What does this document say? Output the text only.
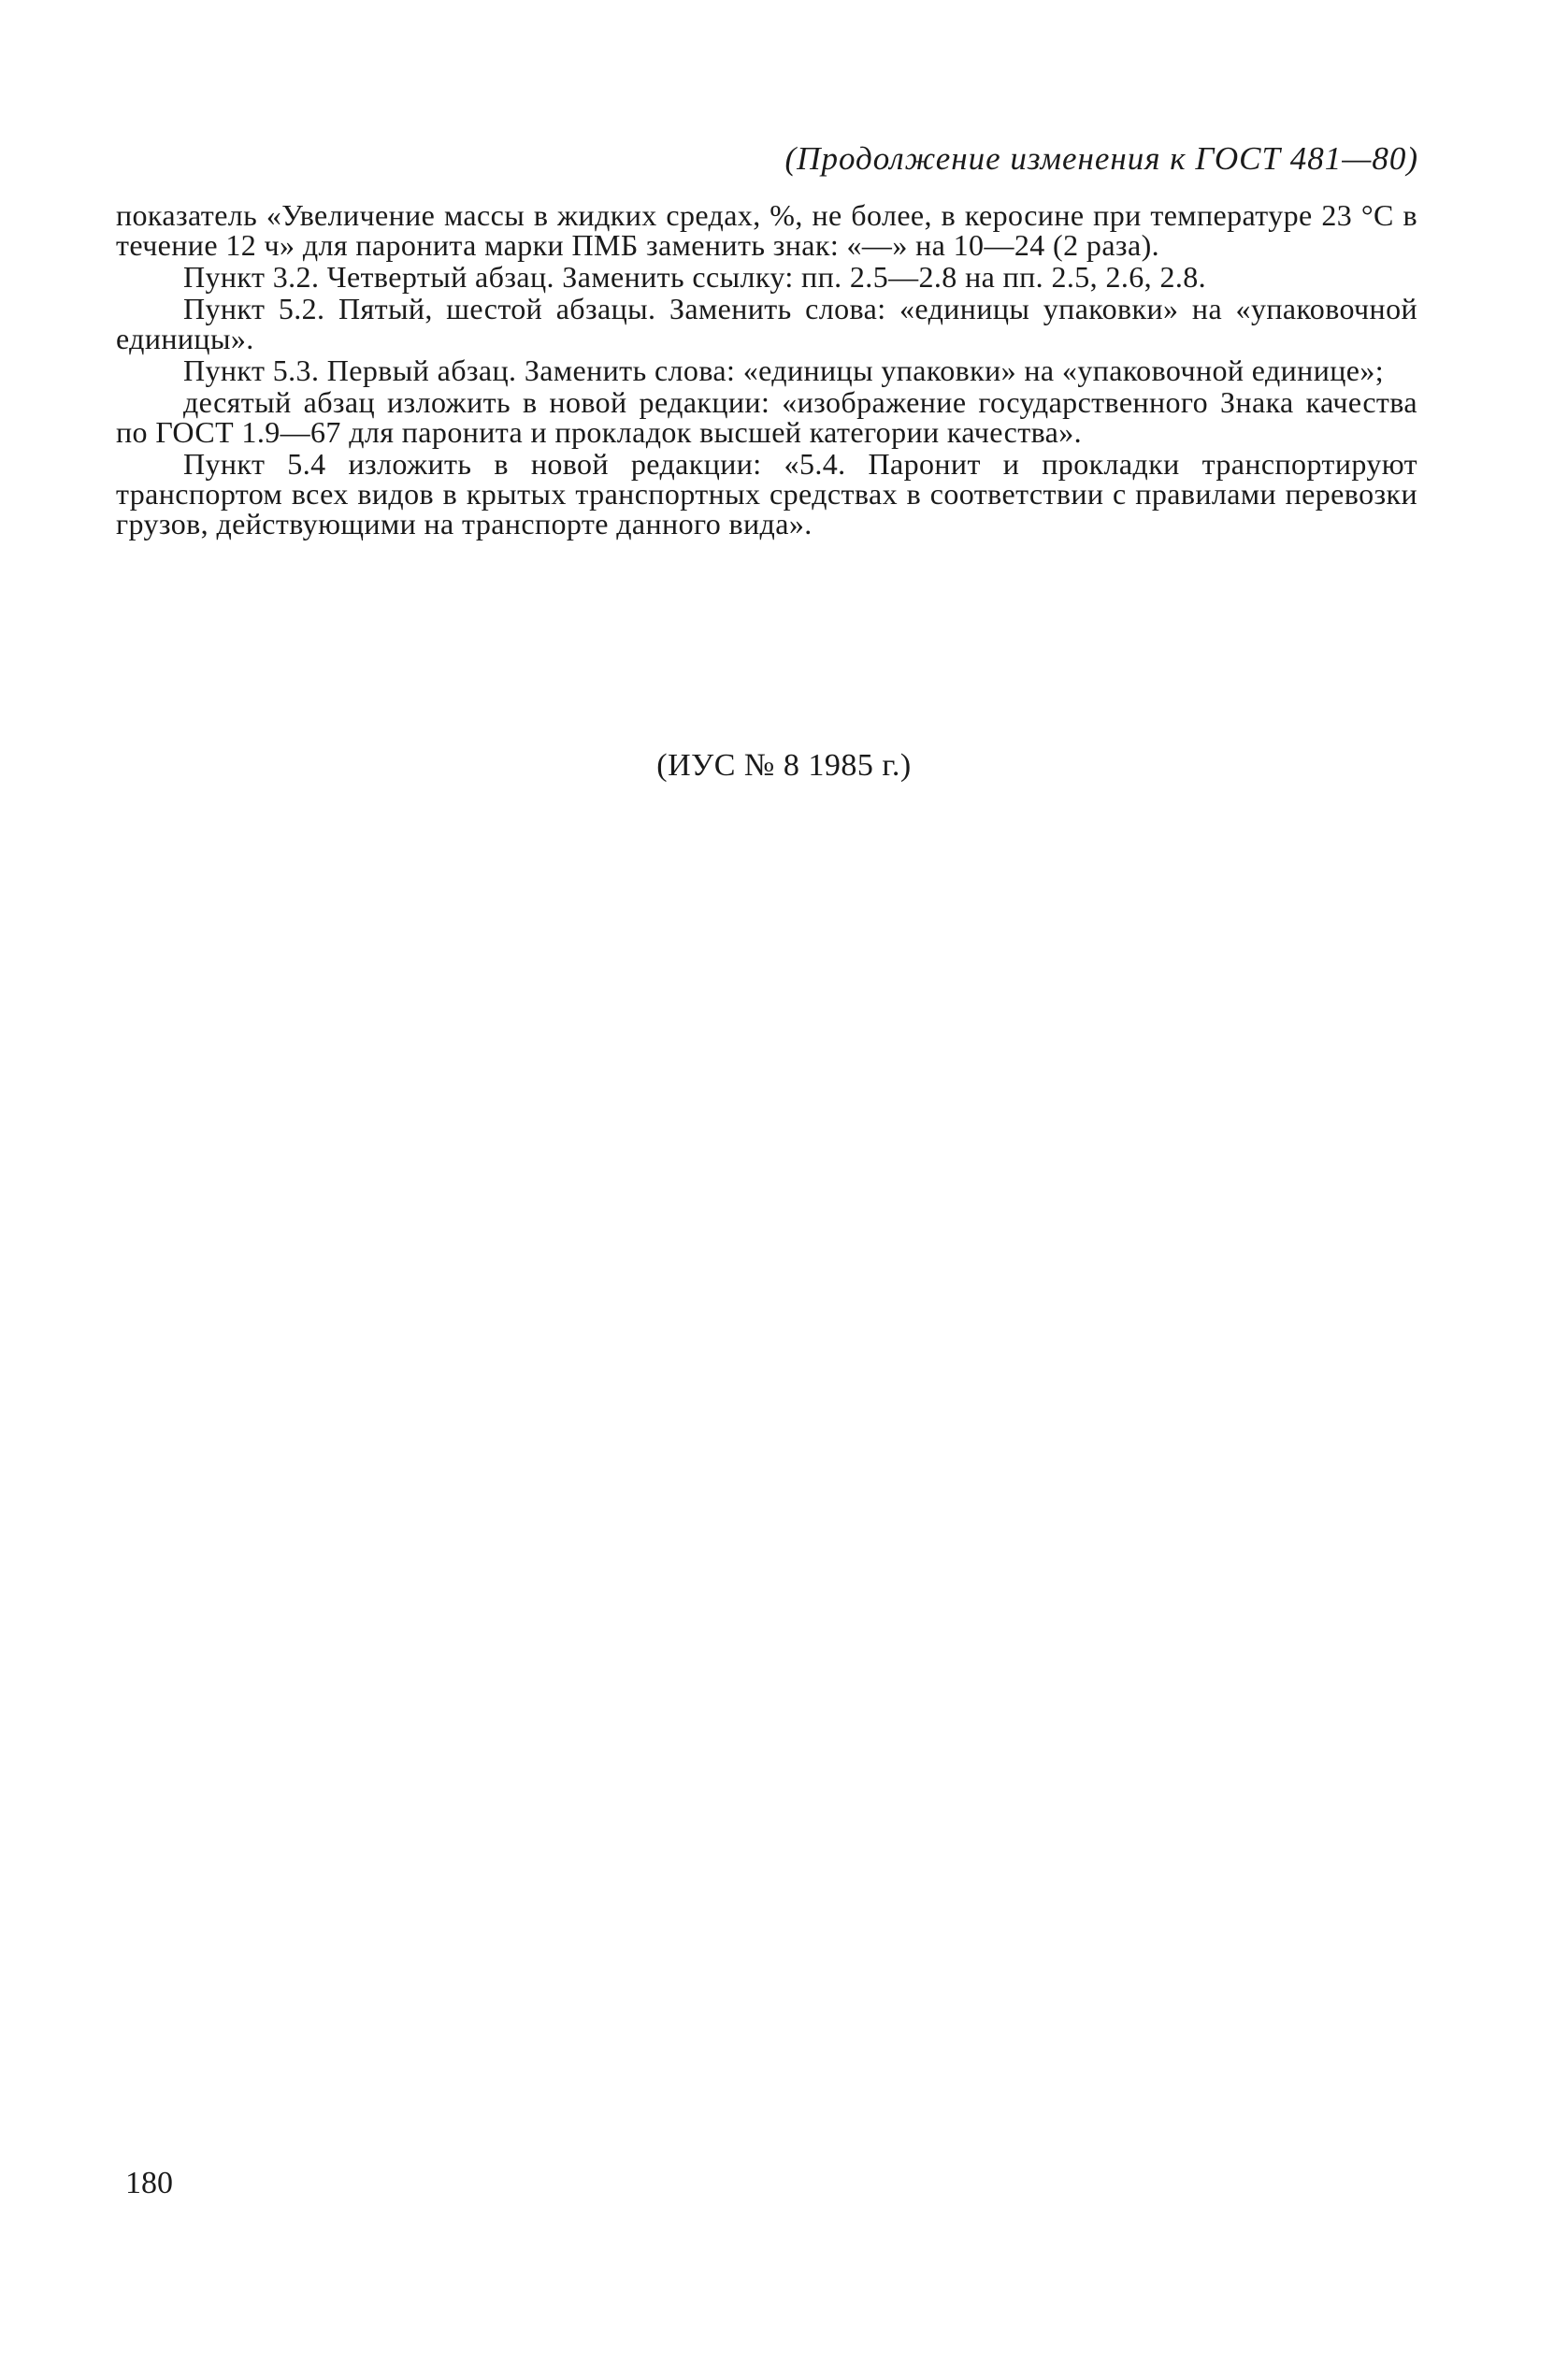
(Продолжение изменения к ГОСТ 481—80)

показатель «Увеличение массы в жидких средах, %, не более, в керосине при температуре 23 °С в течение 12 ч» для паронита марки ПМБ заменить знак: «—» на 10—24 (2 раза).

Пункт 3.2. Четвертый абзац. Заменить ссылку: пп. 2.5—2.8 на пп. 2.5, 2.6, 2.8.

Пункт 5.2. Пятый, шестой абзацы. Заменить слова: «единицы упаковки» на «упаковочной единицы».

Пункт 5.3. Первый абзац. Заменить слова: «единицы упаковки» на «упаковочной единице»;

десятый абзац изложить в новой редакции: «изображение государственного Знака качества по ГОСТ 1.9—67 для паронита и прокладок высшей категории качества».

Пункт 5.4 изложить в новой редакции: «5.4. Паронит и прокладки транспортируют транспортом всех видов в крытых транспортных средствах в соответствии с правилами перевозки грузов, действующими на транспорте данного вида».

(ИУС № 8 1985 г.)
180
